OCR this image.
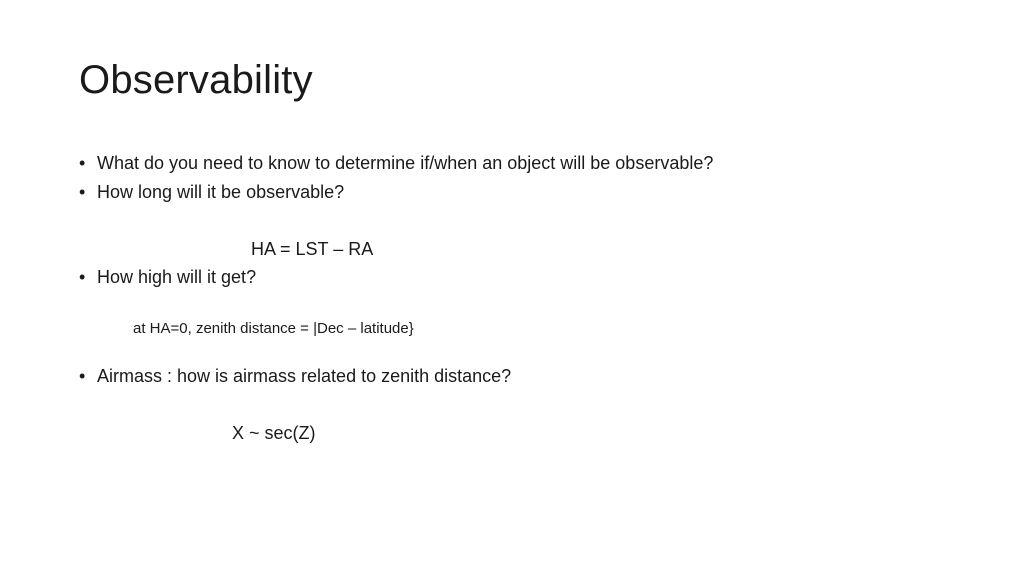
Observability
• What do you need to know to determine if/when an object will be observable?
• How long will it be observable?
HA = LST – RA
• How high will it get?
at HA=0, zenith distance = |Dec – latitude}
• Airmass : how is airmass related to zenith distance?
X ~ sec(Z)
